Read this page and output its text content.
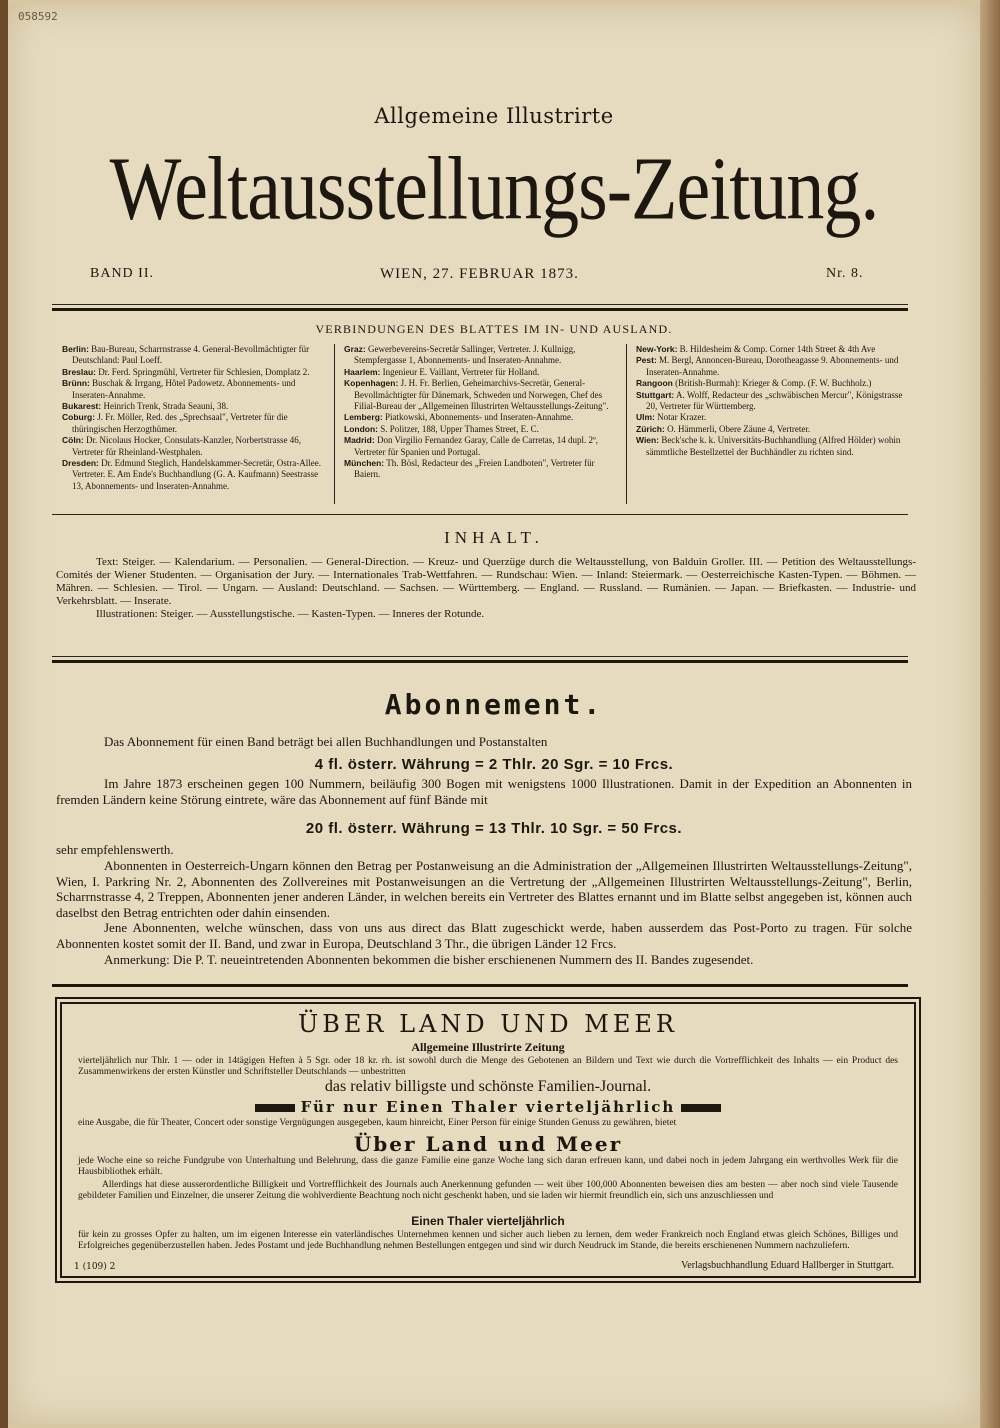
058592
Allgemeine Illustrirte
Weltausstellungs-Zeitung.
BAND II.	WIEN, 27. FEBRUAR 1873.	Nr. 8.
VERBINDUNGEN DES BLATTES IM IN- UND AUSLAND.

Berlin: Bau-Bureau, Scharrnstrasse 4. General-Bevollmächtigter für Deutschland: Paul Loeff.

Breslau: Dr. Ferd. Springmühl, Vertreter für Schlesien, Domplatz 2.

Brünn: Buschak & Irrgang, Hôtel Padowetz. Abonnements- und Inseraten-Annahme.

Bukarest: Heinrich Trenk, Strada Seauni, 38.

Coburg: J. Fr. Möller, Red. des „Sprechsaal", Vertreter für die thüringischen Herzogthümer.

Cöln: Dr. Nicolaus Hocker, Consulats-Kanzler, Norbertstrasse 46, Vertreter für Rheinland-Westphalen.

Dresden: Dr. Edmund Steglich, Handelskammer-Secretär, Ostra-Allee. Vertreter. E. Am Ende's Buchhandlung (G. A. Kaufmann) Seestrasse 13, Abonnements- und Inseraten-Annahme.

Graz: Gewerbevereins-Secretär Sallinger, Vertreter. J. Kullnigg, Stempfergasse 1, Abonnements- und Inseraten-Annahme.

Haarlem: Ingenieur E. Vaillant, Vertreter für Holland.

Kopenhagen: J. H. Fr. Berlien, Geheimarchivs-Secretär, General-Bevollmächtigter für Dänemark, Schweden und Norwegen, Chef des Filial-Bureau der „Allgemeinen Illustrirten Weltausstellungs-Zeitung".

Lemberg: Piatkowski, Abonnements- und Inseraten-Annahme.

London: S. Politzer, 188, Upper Thames Street, E. C.

Madrid: Don Virgilio Fernandez Garay, Calle de Carretas, 14 dupl. 2º, Vertreter für Spanien und Portugal.

München: Th. Bösl, Redacteur des „Freien Landboten", Vertreter für Baiern.

New-York: B. Hildesheim & Comp. Corner 14th Street & 4th Ave

Pest: M. Bergl, Annoncen-Bureau, Dorotheagasse 9. Abonnements- und Inseraten-Annahme.

Rangoon (British-Burmah): Krieger & Comp. (F. W. Buchholz.)

Stuttgart: A. Wolff, Redacteur des „schwäbischen Mercur", Königstrasse 20, Vertreter für Württemberg.

Ulm: Notar Krazer.

Zürich: O. Hämmerli, Obere Zäune 4, Vertreter.

Wien: Beck'sche k. k. Universitäts-Buchhandlung (Alfred Hölder) wohin sämmtliche Bestellzettel der Buchhändler zu richten sind.

INHALT.
Text: Steiger. — Kalendarium. — Personalien. — General-Direction. — Kreuz- und Querzüge durch die Weltausstellung, von Balduin Groller. III. — Petition des Weltausstellungs-Comités der Wiener Studenten. — Organisation der Jury. — Internationales Trab-Wettfahren. — Rundschau: Wien. — Inland: Steiermark. — Oesterreichische Kasten-Typen. — Böhmen. — Mähren. — Schlesien. — Tirol. — Ungarn. — Ausland: Deutschland. — Sachsen. — Württemberg. — England. — Russland. — Rumänien. — Japan. — Briefkasten. — Industrie- und Verkehrsblatt. — Inserate.
Illustrationen: Steiger. — Ausstellungstische. — Kasten-Typen. — Inneres der Rotunde.
Abonnement.
Das Abonnement für einen Band beträgt bei allen Buchhandlungen und Postanstalten
4 fl. österr. Währung = 2 Thlr. 20 Sgr. = 10 Frcs.
Im Jahre 1873 erscheinen gegen 100 Nummern, beiläufig 300 Bogen mit wenigstens 1000 Illustrationen. Damit in der Expedition an Abonnenten in fremden Ländern keine Störung eintrete, wäre das Abonnement auf fünf Bände mit
20 fl. österr. Währung = 13 Thlr. 10 Sgr. = 50 Frcs.
sehr empfehlenswerth.
Abonnenten in Oesterreich-Ungarn können den Betrag per Postanweisung an die Administration der „Allgemeinen Illustrirten Weltausstellungs-Zeitung", Wien, I. Parkring Nr. 2, Abonnenten des Zollvereines mit Postanweisungen an die Vertretung der „Allgemeinen Illustrirten Weltausstellungs-Zeitung", Berlin, Scharrnstrasse 4, 2 Treppen, Abonnenten jener anderen Länder, in welchen bereits ein Vertreter des Blattes ernannt und im Blatte selbst angegeben ist, können auch daselbst den Betrag entrichten oder dahin einsenden.
Jene Abonnenten, welche wünschen, dass von uns aus direct das Blatt zugeschickt werde, haben ausserdem das Post-Porto zu tragen. Für solche Abonnenten kostet somit der II. Band, und zwar in Europa, Deutschland 3 Thr., die übrigen Länder 12 Frcs.
Anmerkung: Die P. T. neueintretenden Abonnenten bekommen die bisher erschienenen Nummern des II. Bandes zugesendet.
ÜBER LAND UND MEER
Allgemeine Illustrirte Zeitung
vierteljährlich nur Thlr. 1 — oder in 14tägigen Heften à 5 Sgr. oder 18 kr. rh. ist sowohl durch die Menge des Gebotenen an Bildern und Text wie durch die Vortrefflichkeit des Inhalts — ein Product des Zusammenwirkens der ersten Künstler und Schriftsteller Deutschlands — unbestritten
das relativ billigste und schönste Familien-Journal.
Für nur Einen Thaler vierteljährlich
eine Ausgabe, die für Theater, Concert oder sonstige Vergnügungen ausgegeben, kaum hinreicht, Einer Person für einige Stunden Genuss zu gewähren, bietet
Über Land und Meer
jede Woche eine so reiche Fundgrube von Unterhaltung und Belehrung, dass die ganze Familie eine ganze Woche lang sich daran erfreuen kann, und dabei noch in jedem Jahrgang ein werthvolles Werk für die Hausbibliothek erhält.
Allerdings hat diese ausserordentliche Billigkeit und Vortrefflichkeit des Journals auch Anerkennung gefunden — weit über 100,000 Abonnenten beweisen dies am besten — aber noch sind viele Tausende gebildeter Familien und Einzelner, die unserer Zeitung die wohlverdiente Beachtung noch nicht geschenkt haben, und sie laden wir hiermit freundlich ein, sich uns anzuschliessen und
Einen Thaler vierteljährlich
für kein zu grosses Opfer zu halten, um im eigenen Interesse ein vaterländisches Unternehmen kennen und sicher auch lieben zu lernen, dem weder Frankreich noch England etwas gleich Schönes, Billiges und Erfolgreiches gegenüberzustellen haben. Jedes Postamt und jede Buchhandlung nehmen Bestellungen entgegen und sind wir durch Neudruck im Stande, die bereits erschienenen Nummern nachzuliefern.
Verlagsbuchhandlung Eduard Hallberger in Stuttgart.
1 (109) 2
